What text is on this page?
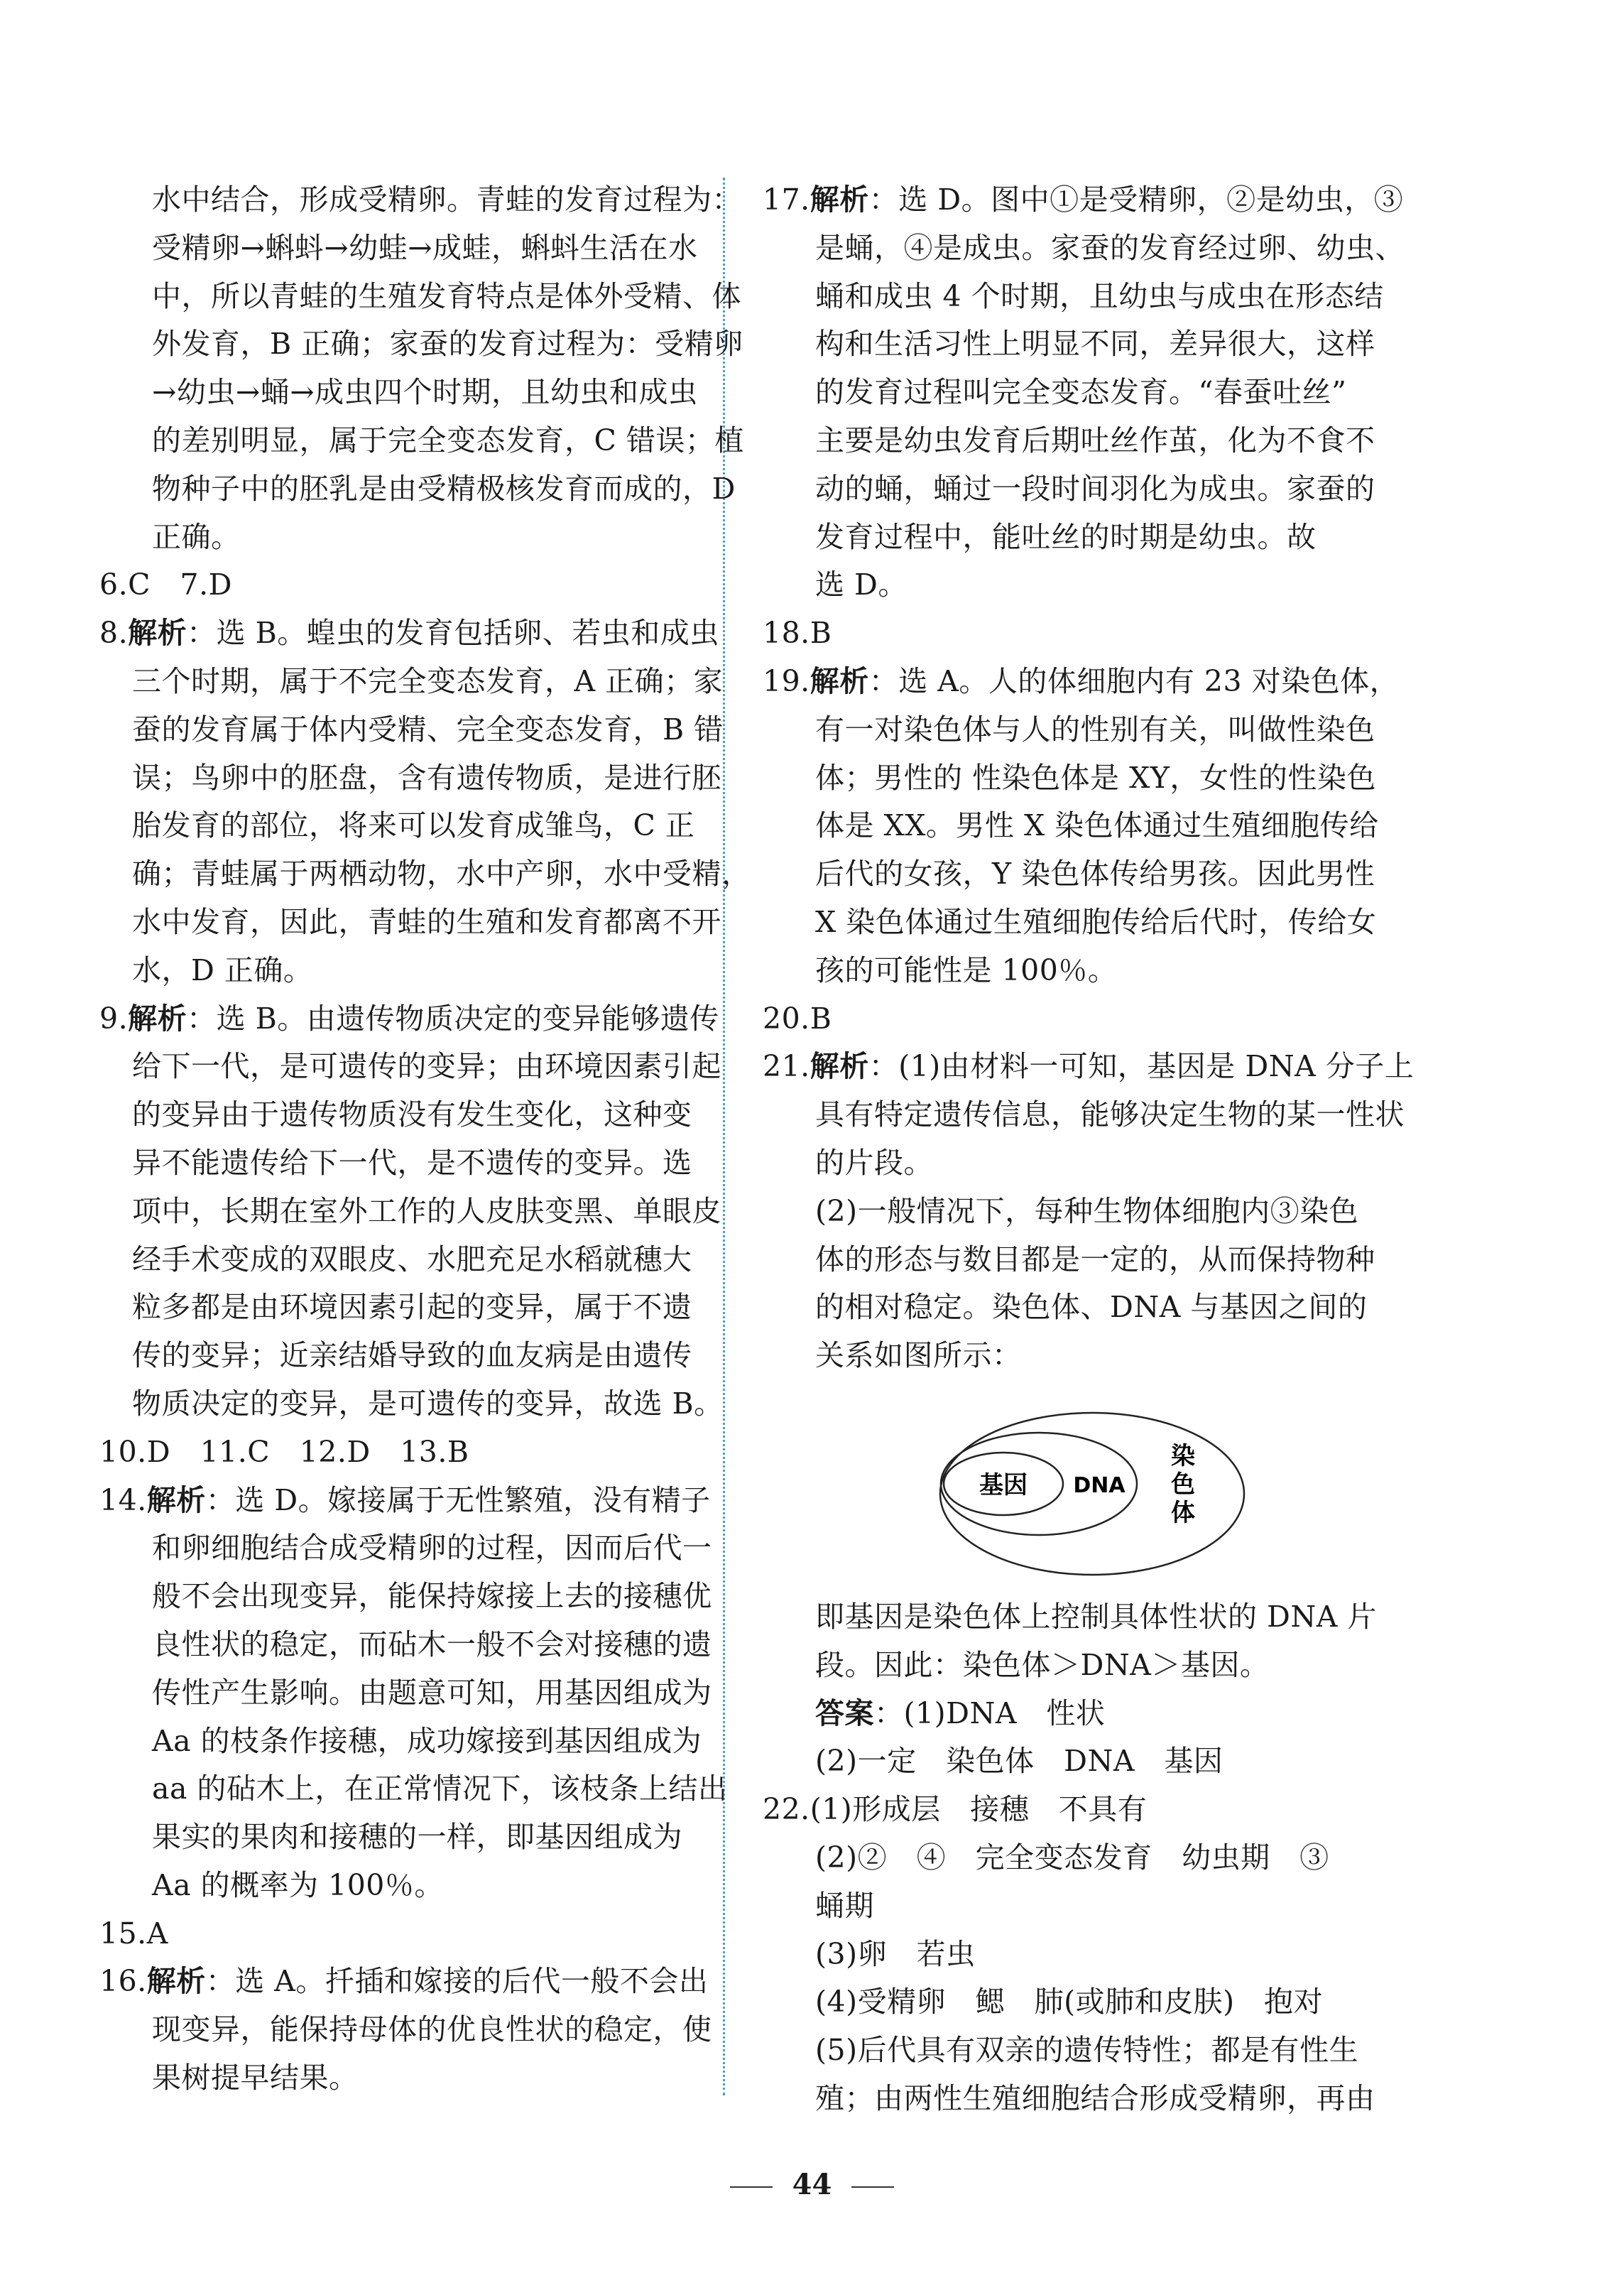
水中结合，形成受精卵。青蛙的发育过程为：
受精卵→蝌蚪→幼蛙→成蛙，蝌蚪生活在水
中，所以青蛙的生殖发育特点是体外受精、体
外发育，B 正确；家蚕的发育过程为：受精卵
→幼虫→蛹→成虫四个时期，且幼虫和成虫
的差别明显，属于完全变态发育，C 错误；植
物种子中的胚乳是由受精极核发育而成的，D
正确。
6.C　7.D
8.解析：选 B。蝗虫的发育包括卵、若虫和成虫
三个时期，属于不完全变态发育，A 正确；家
蚕的发育属于体内受精、完全变态发育，B 错
误；鸟卵中的胚盘，含有遗传物质，是进行胚
胎发育的部位，将来可以发育成雏鸟，C 正
确；青蛙属于两栖动物，水中产卵，水中受精，
水中发育，因此，青蛙的生殖和发育都离不开
水，D 正确。
9.解析：选 B。由遗传物质决定的变异能够遗传
给下一代，是可遗传的变异；由环境因素引起
的变异由于遗传物质没有发生变化，这种变
异不能遗传给下一代，是不遗传的变异。选
项中，长期在室外工作的人皮肤变黑、单眼皮
经手术变成的双眼皮、水肥充足水稻就穗大
粒多都是由环境因素引起的变异，属于不遗
传的变异；近亲结婚导致的血友病是由遗传
物质决定的变异，是可遗传的变异，故选 B。
10.D　11.C　12.D　13.B
14.解析：选 D。嫁接属于无性繁殖，没有精子
和卵细胞结合成受精卵的过程，因而后代一
般不会出现变异，能保持嫁接上去的接穗优
良性状的稳定，而砧木一般不会对接穗的遗
传性产生影响。由题意可知，用基因组成为
Aa 的枝条作接穗，成功嫁接到基因组成为
aa 的砧木上，在正常情况下，该枝条上结出
果实的果肉和接穗的一样，即基因组成为
Aa 的概率为 100％。
15.A
16.解析：选 A。扦插和嫁接的后代一般不会出
现变异，能保持母体的优良性状的稳定，使
果树提早结果。
17.解析：选 D。图中①是受精卵，②是幼虫，③
是蛹，④是成虫。家蚕的发育经过卵、幼虫、
蛹和成虫 4 个时期，且幼虫与成虫在形态结
构和生活习性上明显不同，差异很大，这样
的发育过程叫完全变态发育。“春蚕吐丝”
主要是幼虫发育后期吐丝作茧，化为不食不
动的蛹，蛹过一段时间羽化为成虫。家蚕的
发育过程中，能吐丝的时期是幼虫。故
选 D。
18.B
19.解析：选 A。人的体细胞内有 23 对染色体，
有一对染色体与人的性别有关，叫做性染色
体；男性的 性染色体是 XY，女性的性染色
体是 XX。男性 X 染色体通过生殖细胞传给
后代的女孩，Y 染色体传给男孩。因此男性
X 染色体通过生殖细胞传给后代时，传给女
孩的可能性是 100％。
20.B
21.解析：(1)由材料一可知，基因是 DNA 分子上
具有特定遗传信息，能够决定生物的某一性状
的片段。
(2)一般情况下，每种生物体细胞内③染色
体的形态与数目都是一定的，从而保持物种
的相对稳定。染色体、DNA 与基因之间的
关系如图所示：
基因 DNA
染
色
体
即基因是染色体上控制具体性状的 DNA 片
段。因此：染色体＞DNA＞基因。
答案：(1)DNA　性状
(2)一定　染色体　DNA　基因
22.(1)形成层　接穗　不具有
(2)②　④　完全变态发育　幼虫期　③
蛹期
(3)卵　若虫
(4)受精卵　鳃　肺(或肺和皮肤)　抱对
(5)后代具有双亲的遗传特性；都是有性生
殖；由两性生殖细胞结合形成受精卵，再由
44
